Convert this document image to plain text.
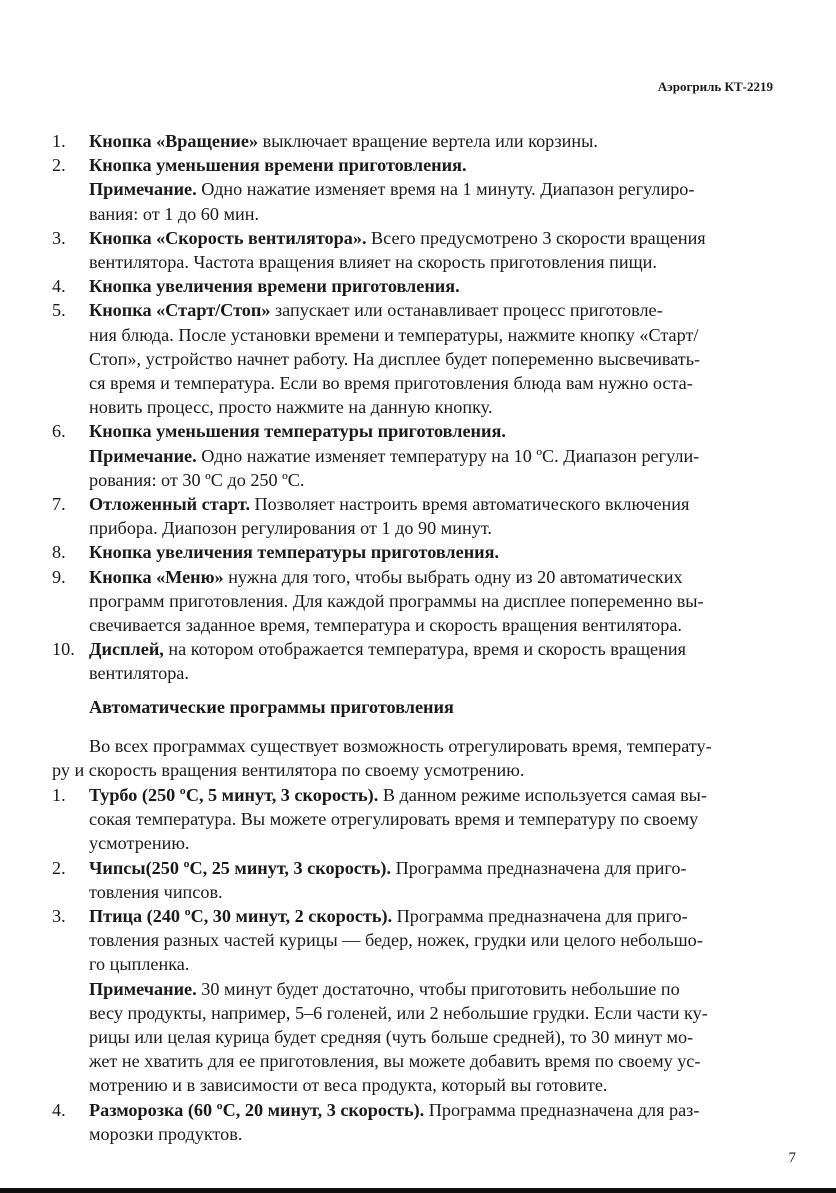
Аэрогриль КТ-2219
1. Кнопка «Вращение» выключает вращение вертела или корзины.
2. Кнопка уменьшения времени приготовления.
Примечание. Одно нажатие изменяет время на 1 минуту. Диапазон регулиро-
вания: от 1 до 60 мин.
3. Кнопка «Скорость вентилятора». Всего предусмотрено 3 скорости вращения
вентилятора. Частота вращения влияет на скорость приготовления пищи.
4. Кнопка увеличения времени приготовления.
5. Кнопка «Старт/Стоп» запускает или останавливает процесс приготовле-
ния блюда. После установки времени и температуры, нажмите кнопку «Старт/
Стоп», устройство начнет работу. На дисплее будет попеременно высвечивать-
ся время и температура. Если во время приготовления блюда вам нужно оста-
новить процесс, просто нажмите на данную кнопку.
6. Кнопка уменьшения температуры приготовления.
Примечание. Одно нажатие изменяет температуру на 10 ºС. Диапазон регули-
рования: от 30 ºС до 250 ºС.
7. Отложенный старт. Позволяет настроить время автоматического включения
прибора. Диапозон регулирования от 1 до 90 минут.
8. Кнопка увеличения температуры приготовления.
9. Кнопка «Меню» нужна для того, чтобы выбрать одну из 20 автоматических
программ приготовления. Для каждой программы на дисплее попеременно вы-
свечивается заданное время, температура и скорость вращения вентилятора.
10. Дисплей, на котором отображается температура, время и скорость вращения
вентилятора.
Автоматические программы приготовления
Во всех программах существует возможность отрегулировать время, температу-
ру и скорость вращения вентилятора по своему усмотрению.
1. Турбо (250 ºС, 5 минут, 3 скорость). В данном режиме используется самая вы-
сокая температура. Вы можете отрегулировать время и температуру по своему
усмотрению.
2. Чипсы(250 ºС, 25 минут, 3 скорость). Программа предназначена для приго-
товления чипсов.
3. Птица (240 ºС, 30 минут, 2 скорость). Программа предназначена для приго-
товления разных частей курицы — бедер, ножек, грудки или целого небольшо-
го цыпленка.
Примечание. 30 минут будет достаточно, чтобы приготовить небольшие по
весу продукты, например, 5–6 голеней, или 2 небольшие грудки. Если части ку-
рицы или целая курица будет средняя (чуть больше средней), то 30 минут мо-
жет не хватить для ее приготовления, вы можете добавить время по своему ус-
мотрению и в зависимости от веса продукта, который вы готовите.
4. Разморозка (60 ºС, 20 минут, 3 скорость). Программа предназначена для раз-
морозки продуктов.
7
